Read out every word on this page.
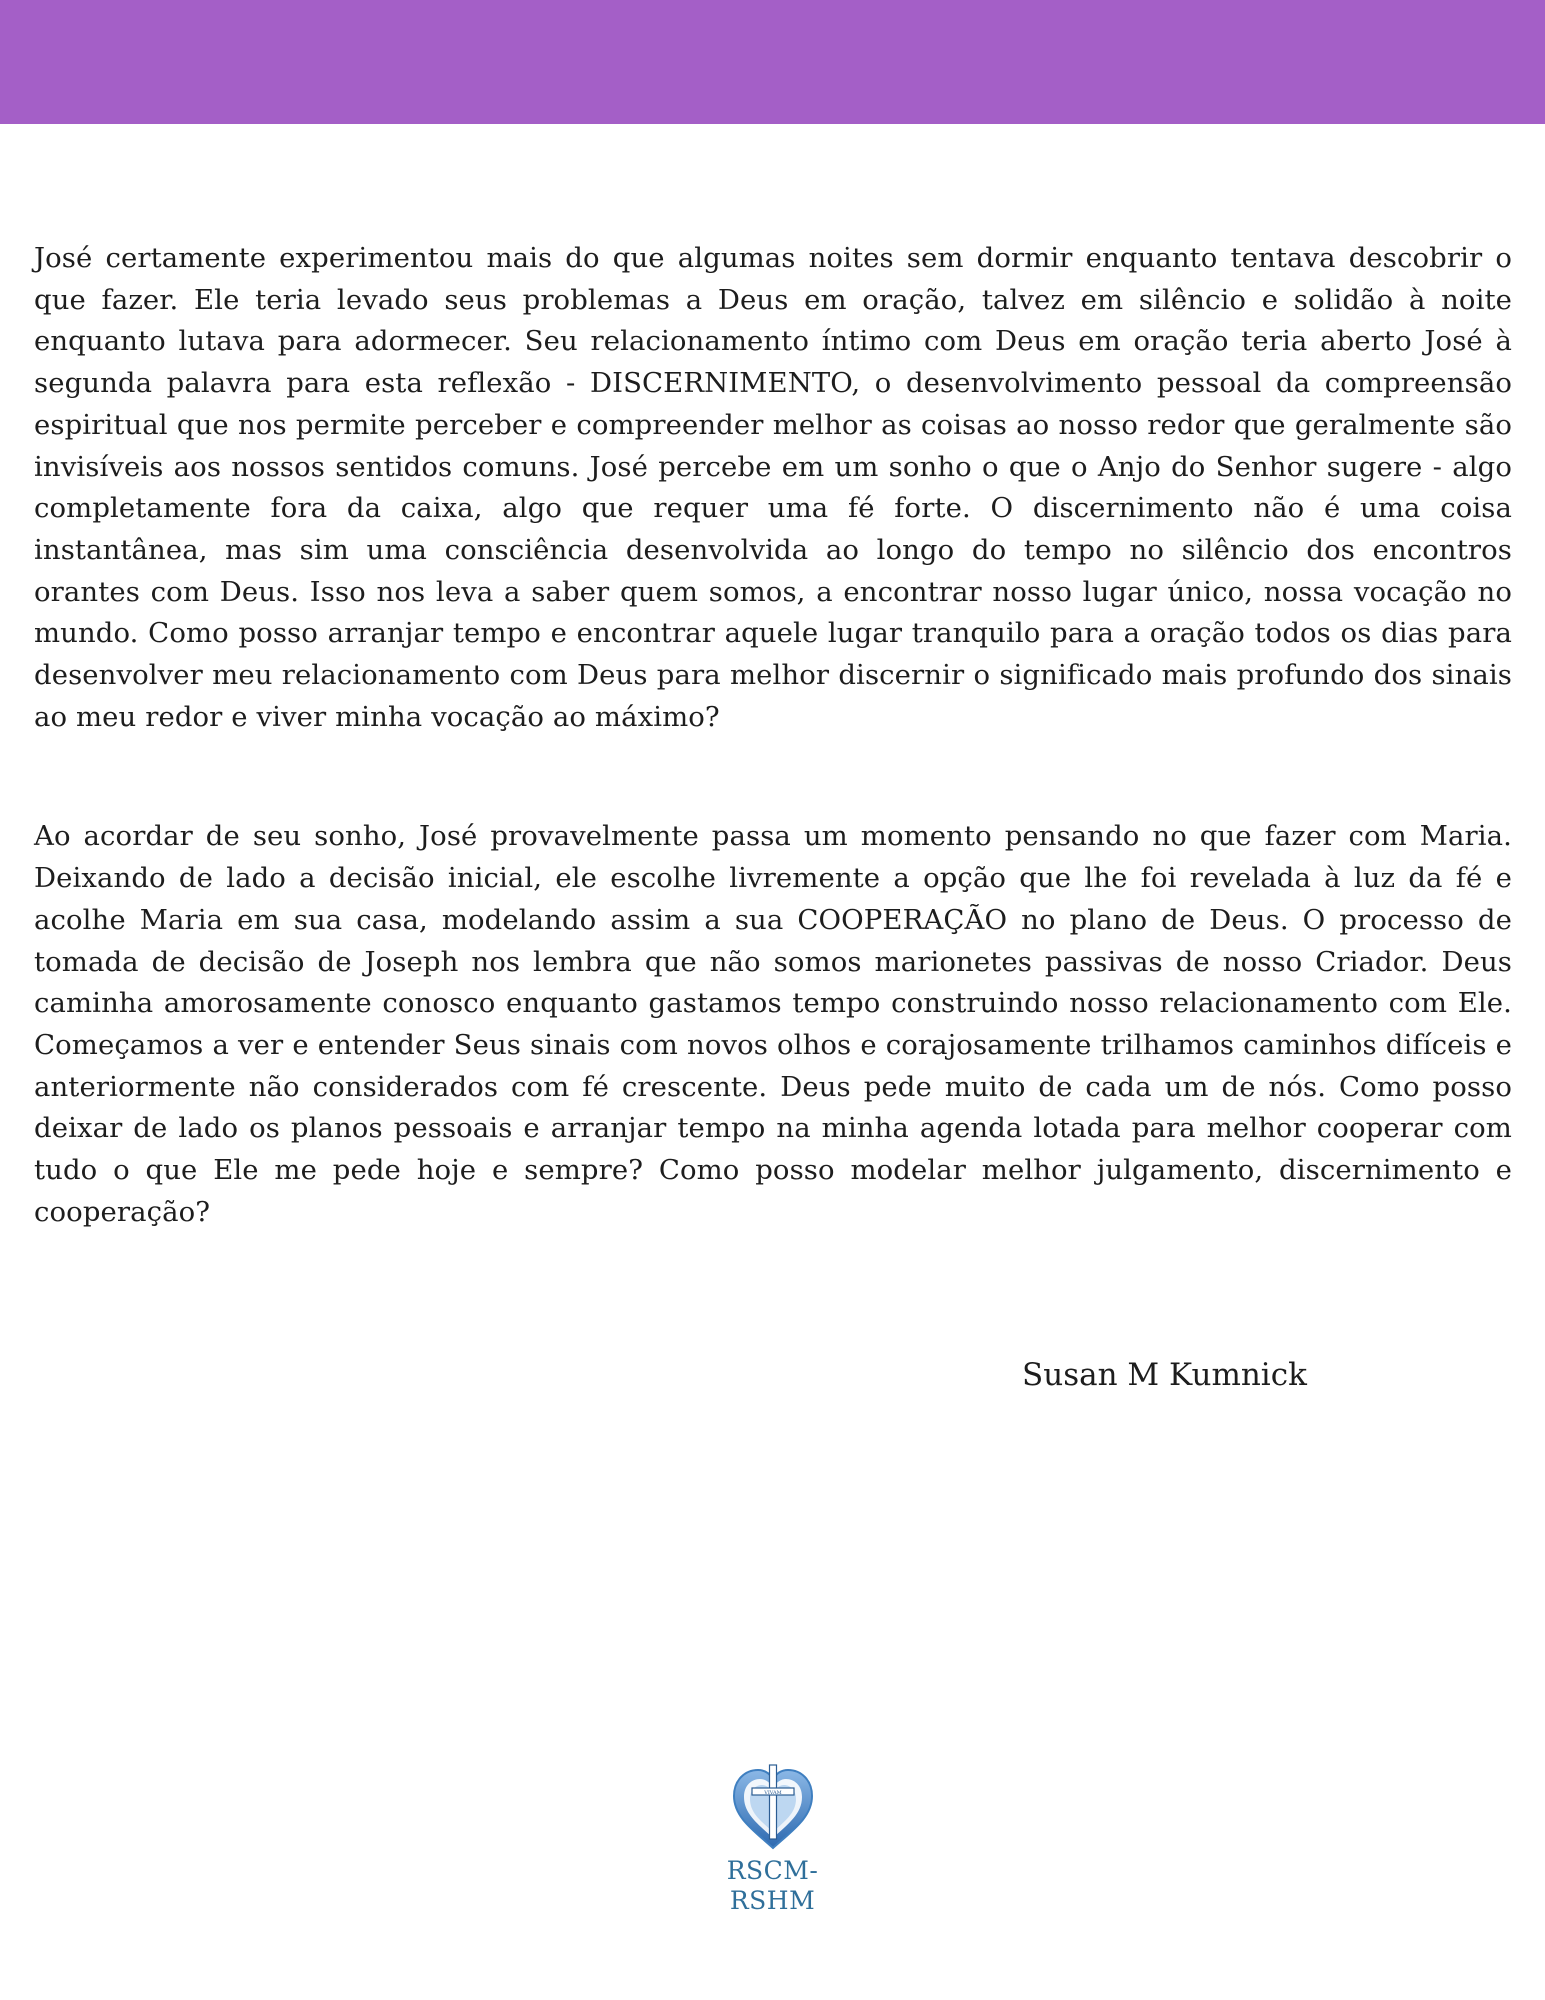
José certamente experimentou mais do que algumas noites sem dormir enquanto tentava descobrir o que fazer. Ele teria levado seus problemas a Deus em oração, talvez em silêncio e solidão à noite enquanto lutava para adormecer. Seu relacionamento íntimo com Deus em oração teria aberto José à segunda palavra para esta reflexão - DISCERNIMENTO, o desenvolvimento pessoal da compreensão espiritual que nos permite perceber e compreender melhor as coisas ao nosso redor que geralmente são invisíveis aos nossos sentidos comuns. José percebe em um sonho o que o Anjo do Senhor sugere - algo completamente fora da caixa, algo que requer uma fé forte. O discernimento não é uma coisa instantânea, mas sim uma consciência desenvolvida ao longo do tempo no silêncio dos encontros orantes com Deus. Isso nos leva a saber quem somos, a encontrar nosso lugar único, nossa vocação no mundo. Como posso arranjar tempo e encontrar aquele lugar tranquilo para a oração todos os dias para desenvolver meu relacionamento com Deus para melhor discernir o significado mais profundo dos sinais ao meu redor e viver minha vocação ao máximo?

Ao acordar de seu sonho, José provavelmente passa um momento pensando no que fazer com Maria. Deixando de lado a decisão inicial, ele escolhe livremente a opção que lhe foi revelada à luz da fé e acolhe Maria em sua casa, modelando assim a sua COOPERAÇÃO no plano de Deus. O processo de tomada de decisão de Joseph nos lembra que não somos marionetes passivas de nosso Criador. Deus caminha amorosamente conosco enquanto gastamos tempo construindo nosso relacionamento com Ele. Começamos a ver e entender Seus sinais com novos olhos e corajosamente trilhamos caminhos difíceis e anteriormente não considerados com fé crescente. Deus pede muito de cada um de nós. Como posso deixar de lado os planos pessoais e arranjar tempo na minha agenda lotada para melhor cooperar com tudo o que Ele me pede hoje e sempre? Como posso modelar melhor julgamento, discernimento e cooperação?

Susan M Kumnick
VIVAM
RSCM-RSHM
